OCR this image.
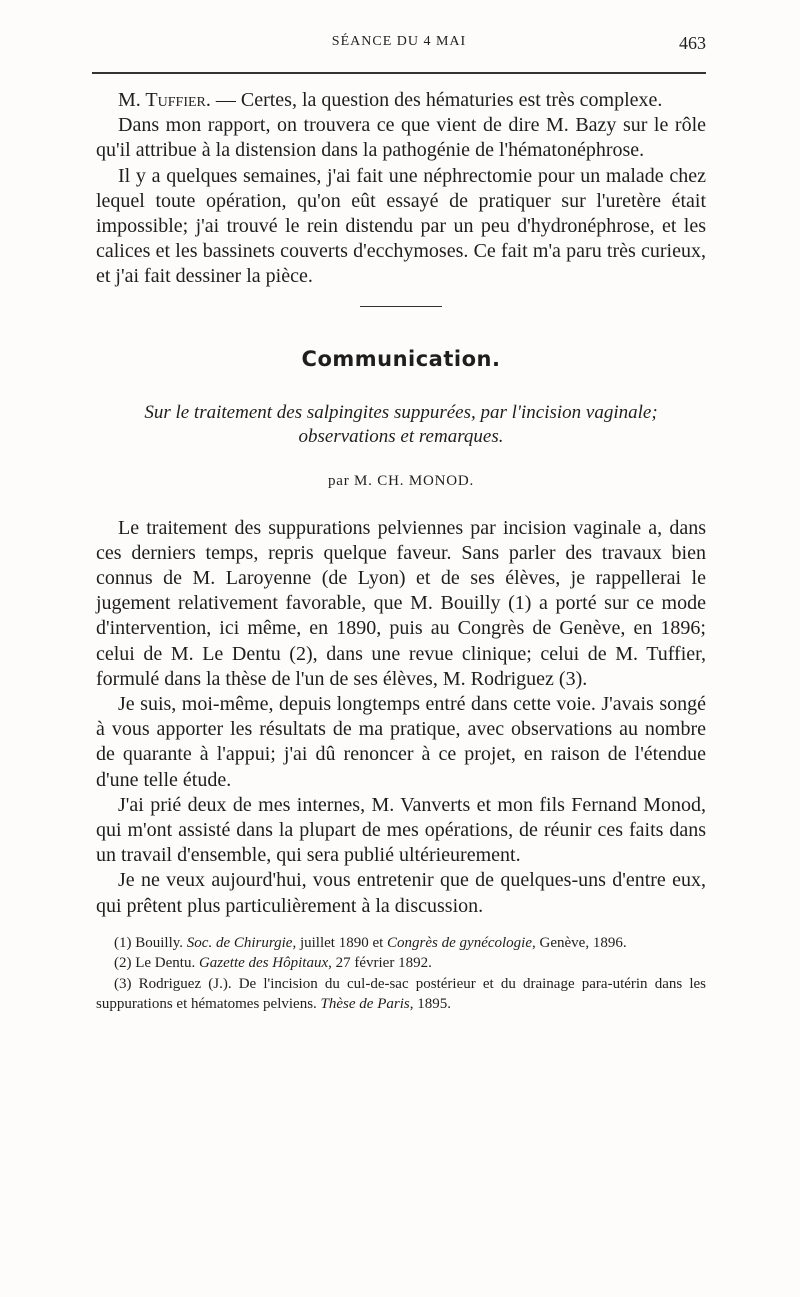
SÉANCE DU 4 MAI	463

M. Tuffier. — Certes, la question des hématuries est très complexe.

Dans mon rapport, on trouvera ce que vient de dire M. Bazy sur le rôle qu'il attribue à la distension dans la pathogénie de l'hématonéphrose.

Il y a quelques semaines, j'ai fait une néphrectomie pour un malade chez lequel toute opération, qu'on eût essayé de pratiquer sur l'uretère était impossible; j'ai trouvé le rein distendu par un peu d'hydronéphrose, et les calices et les bassinets couverts d'ecchymoses. Ce fait m'a paru très curieux, et j'ai fait dessiner la pièce.

Communication.
Sur le traitement des salpingites suppurées, par l'incision vaginale; observations et remarques.
par M. CH. MONOD.

Le traitement des suppurations pelviennes par incision vaginale a, dans ces derniers temps, repris quelque faveur. Sans parler des travaux bien connus de M. Laroyenne (de Lyon) et de ses élèves, je rappellerai le jugement relativement favorable, que M. Bouilly (1) a porté sur ce mode d'intervention, ici même, en 1890, puis au Congrès de Genève, en 1896; celui de M. Le Dentu (2), dans une revue clinique; celui de M. Tuffier, formulé dans la thèse de l'un de ses élèves, M. Rodriguez (3).

Je suis, moi-même, depuis longtemps entré dans cette voie. J'avais songé à vous apporter les résultats de ma pratique, avec observations au nombre de quarante à l'appui; j'ai dû renoncer à ce projet, en raison de l'étendue d'une telle étude.

J'ai prié deux de mes internes, M. Vanverts et mon fils Fernand Monod, qui m'ont assisté dans la plupart de mes opérations, de réunir ces faits dans un travail d'ensemble, qui sera publié ultérieurement.

Je ne veux aujourd'hui, vous entretenir que de quelques-uns d'entre eux, qui prêtent plus particulièrement à la discussion.

(1) Bouilly. Soc. de Chirurgie, juillet 1890 et Congrès de gynécologie, Genève, 1896.

(2) Le Dentu. Gazette des Hôpitaux, 27 février 1892.

(3) Rodriguez (J.). De l'incision du cul-de-sac postérieur et du drainage para-utérin dans les suppurations et hématomes pelviens. Thèse de Paris, 1895.
